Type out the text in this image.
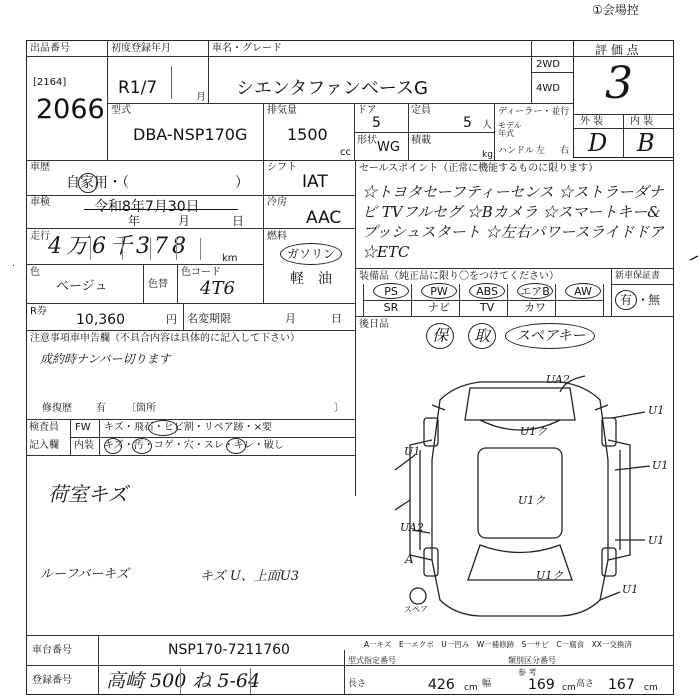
①会場控
出品番号
[2164]
2066
初度登録年月
R1/7	月
車名・グレード
シエンタファンベースG
2WD
4WD
評 価 点
3
外 装	内 装
D B
型式
DBA-NSP170G
排気量
1500
cc
ドア
5
定員
5 人
形状 WG 積載
kg
ディーラー・並行
モデル
年式
ハンドル 左 右
車歴
自家用・（	）
シフト
IAT
車検	令和8年7月30日
年	月	日
冷房
AAC
走行
4万6千378	km
燃料
ガソリン
軽　油
色
ベージュ	色替
色コード
4T6
セールスポイント（正常に機能するものに限ります）
☆トヨタセーフティーセンス ☆ストラーダナビ TVフルセグ ☆Bカメラ ☆スマートキー&プッシュスタート ☆左右パワースライドドア ☆ETC
装備品（純正品に限り〇をつけてください）	新車保証書
有 ・
無
PS	PW	ABS	エアB	AW
SR	ナビ	TV	カワ
R券
10,360	円 名変期限	月	日 後日品
保 取 スペアキー
注意事項車申告欄（不具合内容は具体的に記入して下さい）
成約時ナンバー切ります
修復歴 有 〔箇所	〕
検査員
記入欄
FW キズ・飛石・ヒビ割・リペア跡・×要
内装 キズ・汚・コゲ・穴・スレ・キレ・破し
荷室キズ
ルーフバーキズ	キズ U、上面U3
UA2
U1
U1
U1
U1
U1ク
U1ク
U1ク
U1
UA2
A
スペア
A一キズ　E一エクボ　U一凹み　W一補修跡　S一サビ　C一腐食　XX一交換済
車台番号	NSP170-7211760
登録番号 高崎 500 ね 5-64
型式指定番号	類別区分番号
参 考
長さ	426 cm 幅	169 cm 高さ 167 cm
·
